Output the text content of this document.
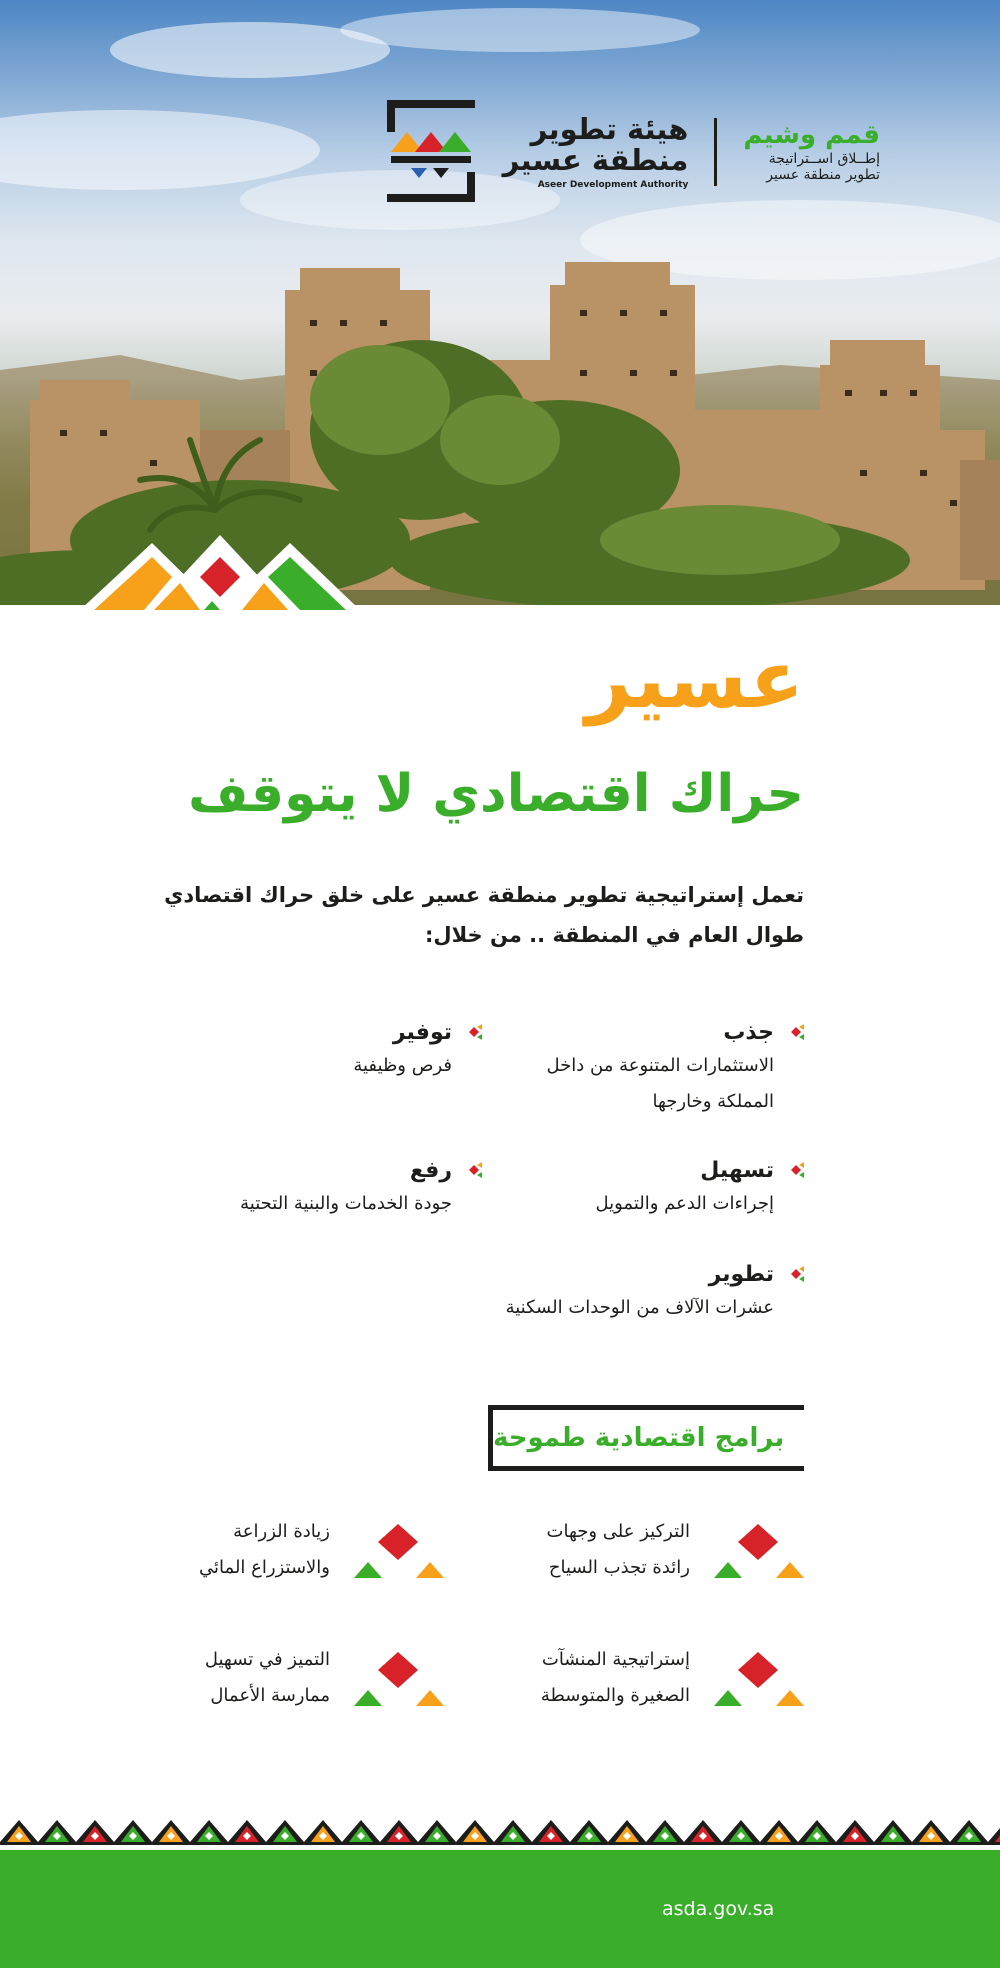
هيئة تطوير
منطقة عسير
Aseer Development Authority
قمم وشيم
إطــلاق اســتراتيجة
تطوير منطقة عسير
عسير
حراك اقتصادي لا يتوقف
تعمل إستراتيجية تطوير منطقة عسير على خلق حراك اقتصادي طوال العام في المنطقة .. من خلال:
جذب
الاستثمارات المتنوعة من داخل المملكة وخارجها
توفير
فرص وظيفية
تسهيل
إجراءات الدعم والتمويل
رفع
جودة الخدمات والبنية التحتية
تطوير
عشرات الآلاف من الوحدات السكنية
برامج اقتصادية طموحة
التركيز على وجهات
رائدة تجذب السياح
زيادة الزراعة
والاستزراع المائي
إستراتيجية المنشآت
الصغيرة والمتوسطة
التميز في تسهيل
ممارسة الأعمال
asda.gov.sa
